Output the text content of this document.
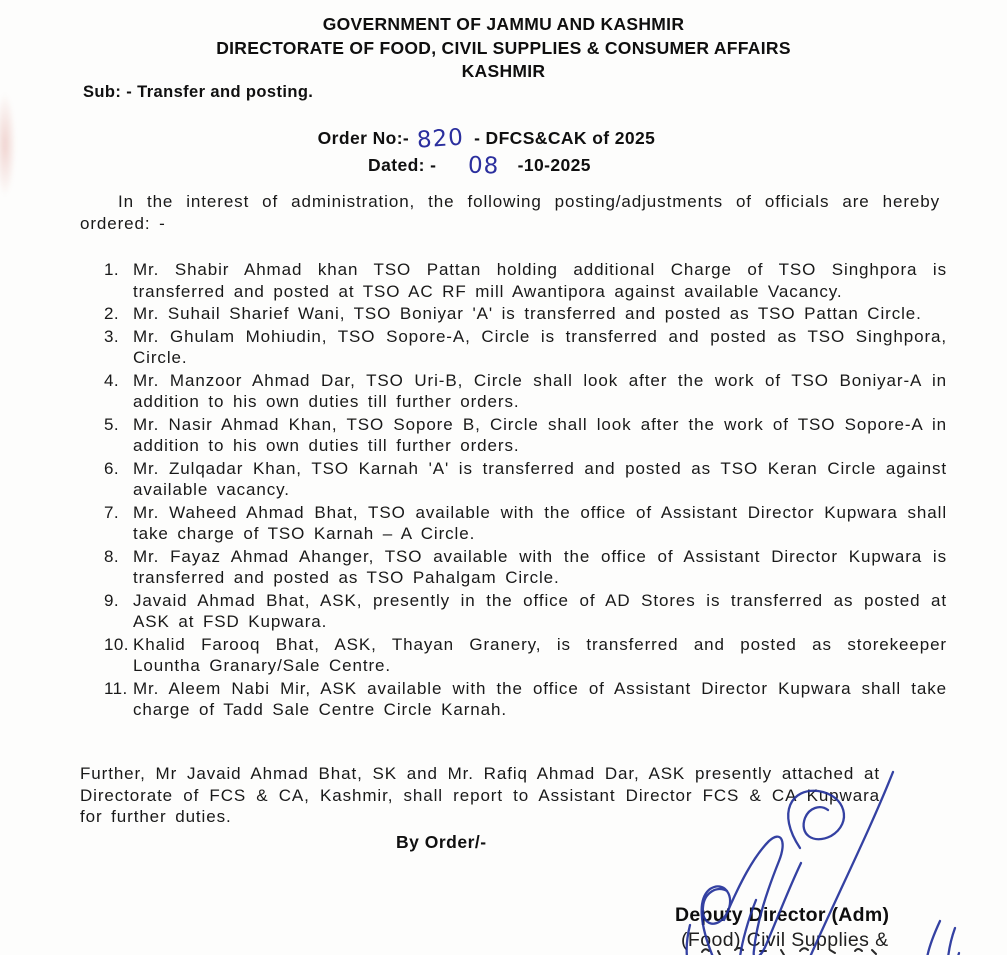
GOVERNMENT OF JAMMU AND KASHMIR
DIRECTORATE OF FOOD, CIVIL SUPPLIES & CONSUMER AFFAIRS
KASHMIR
Sub: - Transfer and posting.
Order No:- 820 - DFCS&CAK of 2025
Dated: - 08 -10-2025
In the interest of administration, the following posting/adjustments of officials are hereby ordered: -
1. Mr. Shabir Ahmad khan TSO Pattan holding additional Charge of TSO Singhpora is transferred and posted at TSO AC RF mill Awantipora against available Vacancy.
2. Mr. Suhail Sharief Wani, TSO Boniyar 'A' is transferred and posted as TSO Pattan Circle.
3. Mr. Ghulam Mohiudin, TSO Sopore-A, Circle is transferred and posted as TSO Singhpora, Circle.
4. Mr. Manzoor Ahmad Dar, TSO Uri-B, Circle shall look after the work of TSO Boniyar-A in addition to his own duties till further orders.
5. Mr. Nasir Ahmad Khan, TSO Sopore B, Circle shall look after the work of TSO Sopore-A in addition to his own duties till further orders.
6. Mr. Zulqadar Khan, TSO Karnah 'A' is transferred and posted as TSO Keran Circle against available vacancy.
7. Mr. Waheed Ahmad Bhat, TSO available with the office of Assistant Director Kupwara shall take charge of TSO Karnah – A Circle.
8. Mr. Fayaz Ahmad Ahanger, TSO available with the office of Assistant Director Kupwara is transferred and posted as TSO Pahalgam Circle.
9. Javaid Ahmad Bhat, ASK, presently in the office of AD Stores is transferred as posted at ASK at FSD Kupwara.
10. Khalid Farooq Bhat, ASK, Thayan Granery, is transferred and posted as storekeeper Lountha Granary/Sale Centre.
11. Mr. Aleem Nabi Mir, ASK available with the office of Assistant Director Kupwara shall take charge of Tadd Sale Centre Circle Karnah.
Further, Mr Javaid Ahmad Bhat, SK and Mr. Rafiq Ahmad Dar, ASK presently attached at Directorate of FCS & CA, Kashmir, shall report to Assistant Director FCS & CA Kupwara for further duties.
By Order/-
Deputy Director (Adm)
(Food) Civil Supplies &
